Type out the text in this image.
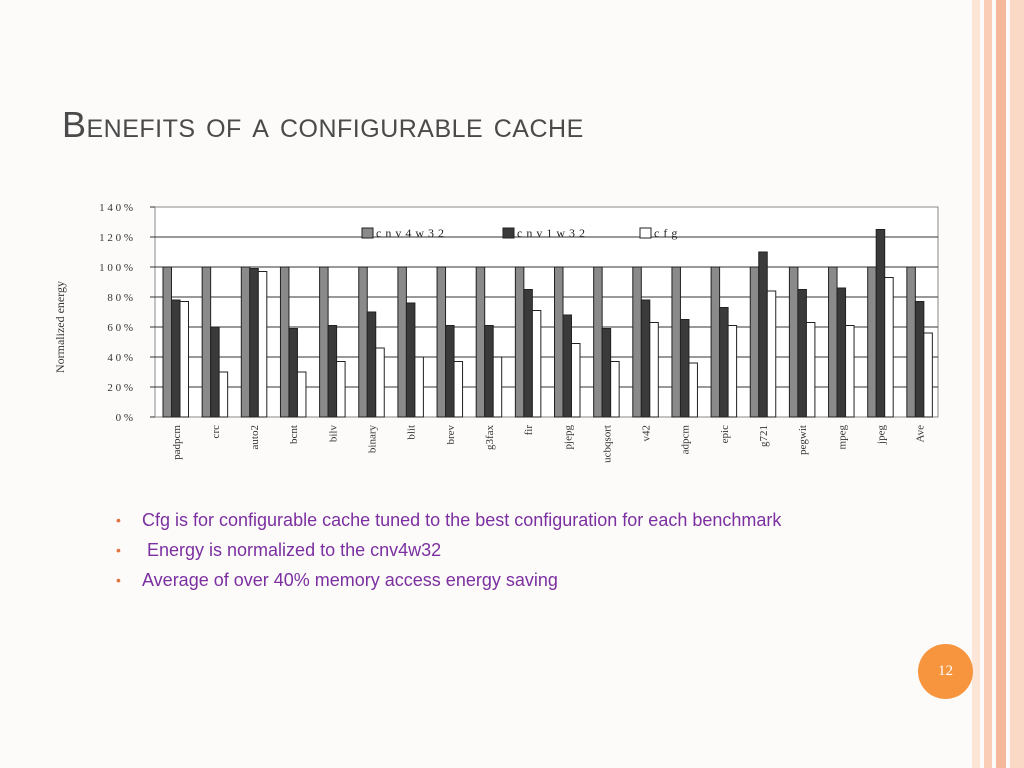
Benefits of a configurable cache
0 %
2 0 %
4 0 %
6 0 %
8 0 %
1 0 0 %
1 2 0 %
1 4 0 %
Normalized energy
padpcm crc auto2 bcnt bilv binary blit brev g3fax fir pjepg ucbqsort v42 adpcm epic g721 pegwit mpeg jpeg Ave
c n v 4 w 3 2	c n v 1 w 3 2	c f g
• Cfg is for configurable cache tuned to the best configuration for each benchmark
• Energy is normalized to the cnv4w32
• Average of over 40% memory access energy saving
12
